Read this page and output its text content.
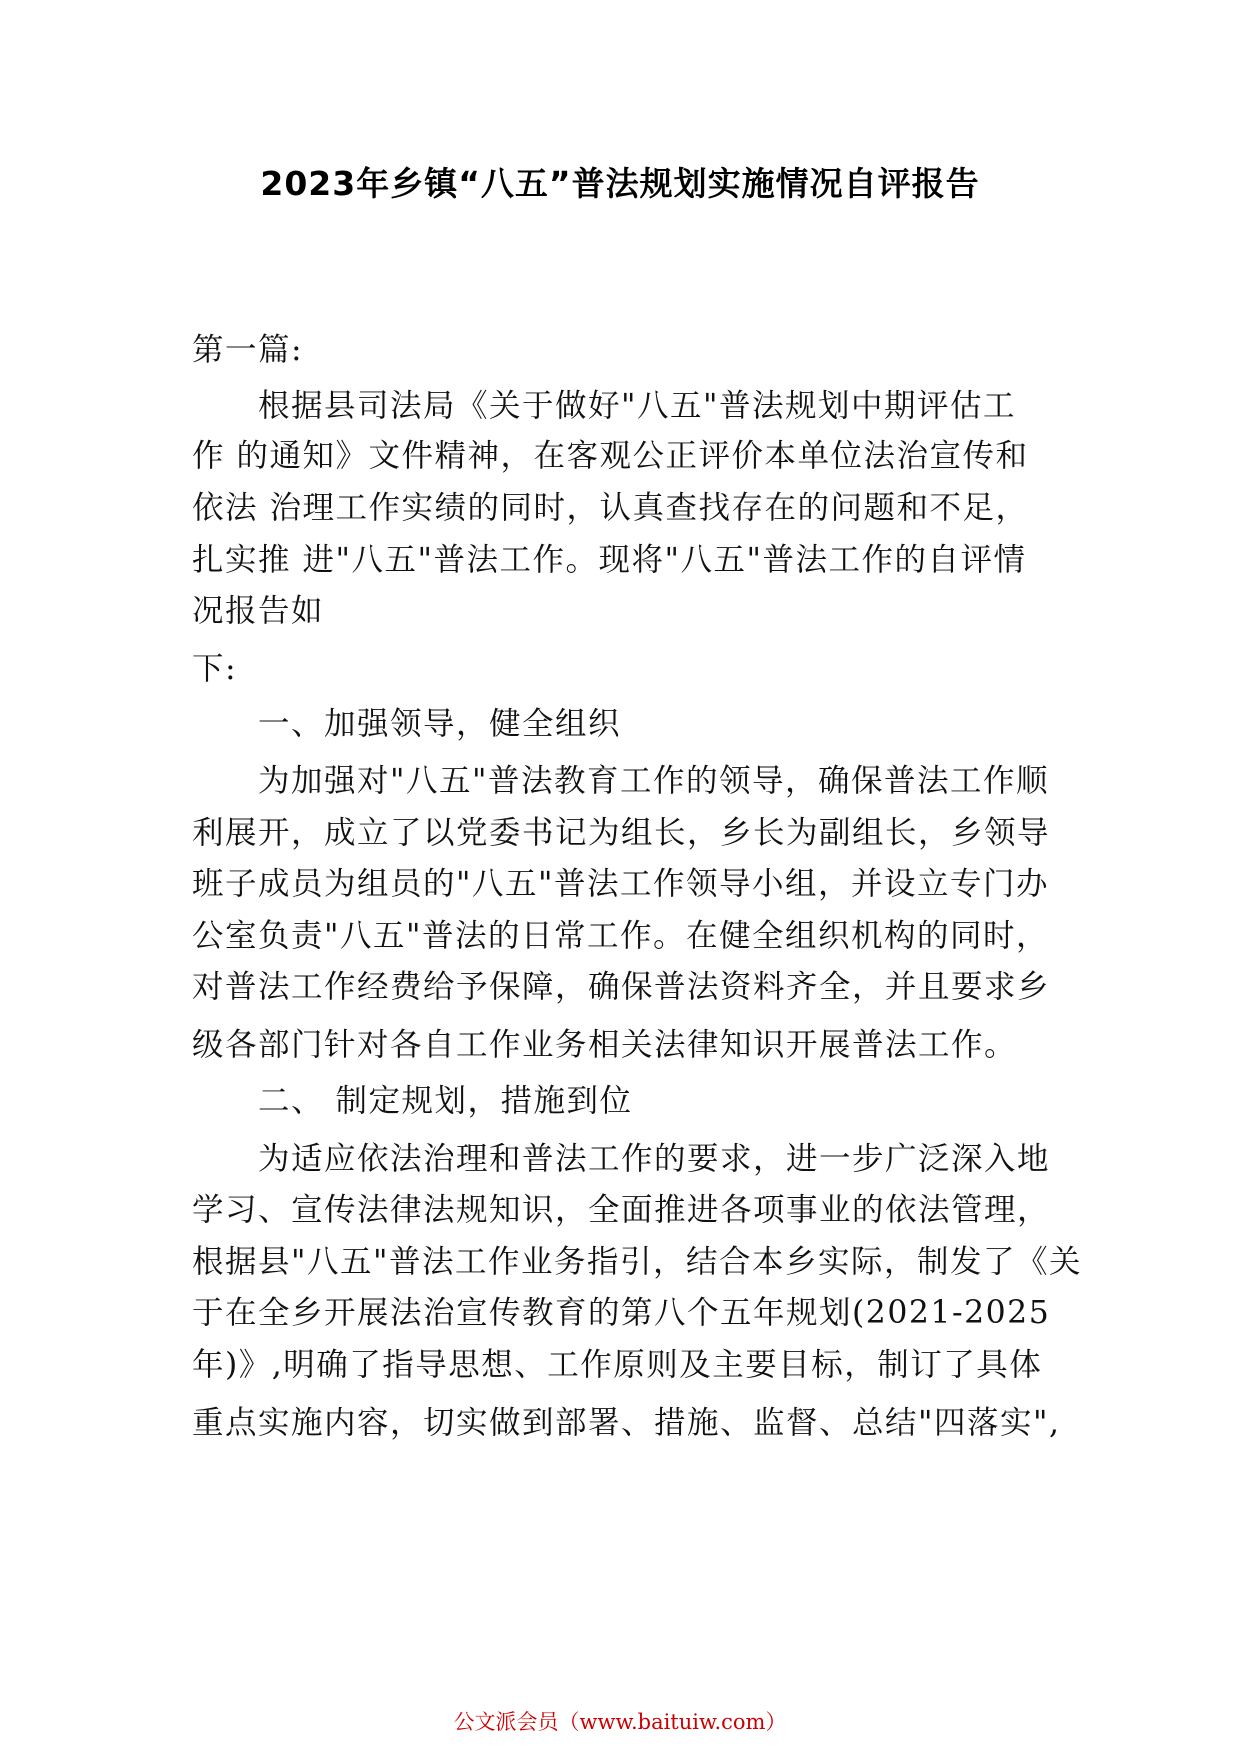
2023年乡镇“八五”普法规划实施情况自评报告
第一篇:
根据县司法局《关于做好"八五"普法规划中期评估工
作 的通知》文件精神，在客观公正评价本单位法治宣传和
依法 治理工作实绩的同时，认真查找存在的问题和不足，
扎实推 进"八五"普法工作。现将"八五"普法工作的自评情
况报告如
下:
一、加强领导，健全组织
为加强对"八五"普法教育工作的领导，确保普法工作顺
利展开，成立了以党委书记为组长，乡长为副组长，乡领导
班子成员为组员的"八五"普法工作领导小组，并设立专门办
公室负责"八五"普法的日常工作。在健全组织机构的同时，
对普法工作经费给予保障，确保普法资料齐全，并且要求乡
级各部门针对各自工作业务相关法律知识开展普法工作。
二、 制定规划，措施到位
为适应依法治理和普法工作的要求，进一步广泛深入地
学习、宣传法律法规知识，全面推进各项事业的依法管理，
根据县"八五"普法工作业务指引，结合本乡实际，制发了《关
于在全乡开展法治宣传教育的第八个五年规划(2021-2025
年)》,明确了指导思想、工作原则及主要目标，制订了具体
重点实施内容，切实做到部署、措施、监督、总结"四落实",
公文派会员（www.baituiw.com）
